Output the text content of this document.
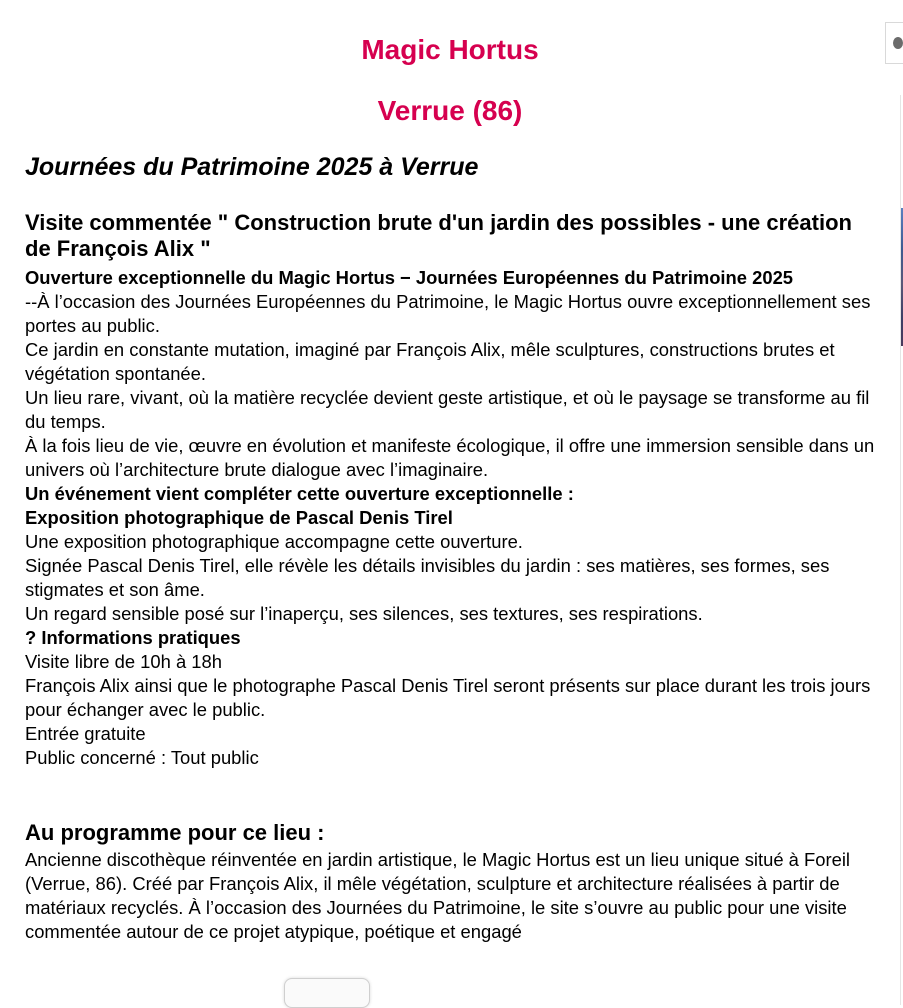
Magic Hortus
Verrue (86)
Journées du Patrimoine 2025 à Verrue
Visite commentée " Construction brute d'un jardin des possibles - une création de François Alix "
Ouverture exceptionnelle du Magic Hortus − Journées Européennes du Patrimoine 2025
--À l’occasion des Journées Européennes du Patrimoine, le Magic Hortus ouvre exceptionnellement ses portes au public.
Ce jardin en constante mutation, imaginé par François Alix, mêle sculptures, constructions brutes et végétation spontanée.
Un lieu rare, vivant, où la matière recyclée devient geste artistique, et où le paysage se transforme au fil du temps.
À la fois lieu de vie, œuvre en évolution et manifeste écologique, il offre une immersion sensible dans un univers où l’architecture brute dialogue avec l’imaginaire.
Un événement vient compléter cette ouverture exceptionnelle :
Exposition photographique de Pascal Denis Tirel
Une exposition photographique accompagne cette ouverture.
Signée Pascal Denis Tirel, elle révèle les détails invisibles du jardin : ses matières, ses formes, ses stigmates et son âme.
Un regard sensible posé sur l’inaperçu, ses silences, ses textures, ses respirations.
? Informations pratiques
Visite libre de 10h à 18h
François Alix ainsi que le photographe Pascal Denis Tirel seront présents sur place durant les trois jours pour échanger avec le public.
Entrée gratuite
Public concerné : Tout public
Au programme pour ce lieu :
Ancienne discothèque réinventée en jardin artistique, le Magic Hortus est un lieu unique situé à Foreil (Verrue, 86). Créé par François Alix, il mêle végétation, sculpture et architecture réalisées à partir de matériaux recyclés. À l’occasion des Journées du Patrimoine, le site s’ouvre au public pour une visite commentée autour de ce projet atypique, poétique et engagé
